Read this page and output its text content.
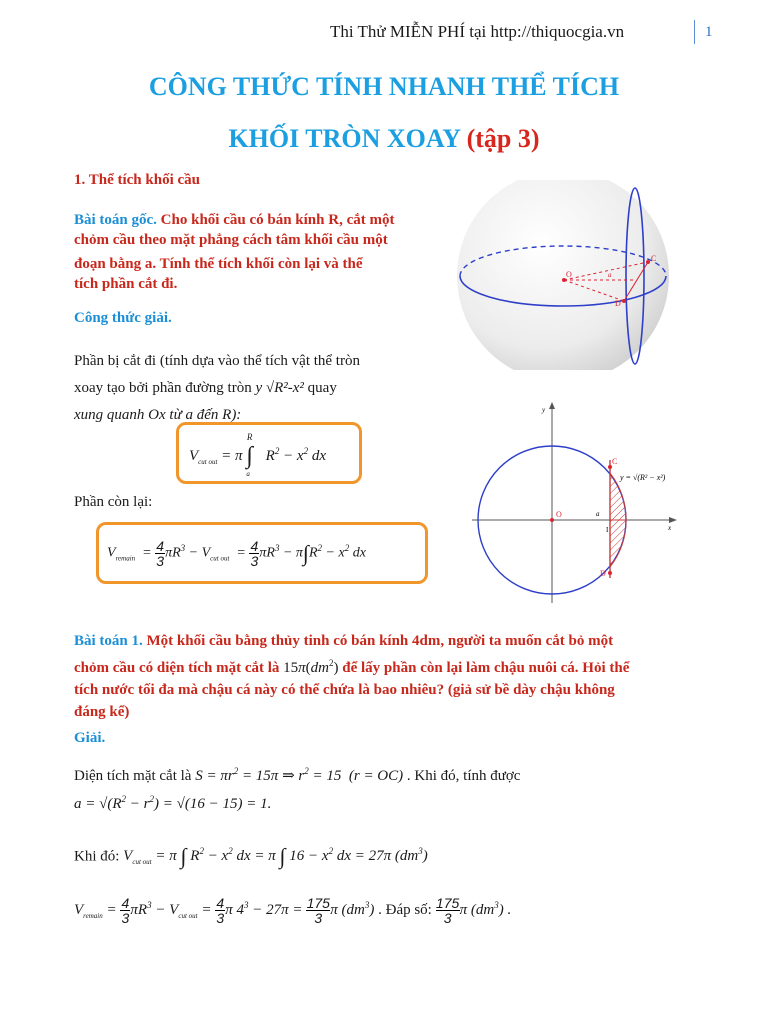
Thi Thử MIỄN PHÍ tại http://thiquocgia.vn	1
CÔNG THỨC TÍNH NHANH THỂ TÍCH
KHỐI TRÒN XOAY (tập 3)
1. Thể tích khối cầu
Bài toán gốc. Cho khối cầu có bán kính R, cắt một
chỏm cầu theo mặt phẳng cách tâm khối cầu một
đoạn bằng a. Tính thể tích khối còn lại và thể
tích phần cắt đi.
Công thức giải.
Phần bị cắt đi (tính dựa vào thể tích vật thể tròn
xoay tạo bởi phần đường tròn y √R²‑x² quay
xung quanh Ox từ a đến R):
$V_{cut out} = \pi$ ∫$^R_a$ $R^2 - x^2$ dx
Phần còn lại:
$V_{remain} = \frac{4}{3} \pi R^3 - V_{cut out} = \frac{4}{3} \pi R^3 - \pi\int R^2 - x^2$ dx
O
C
D
a
O
C
D
a
I	x
y
y = √(R² − x²)
Bài toán 1. Một khối cầu bằng thủy tinh có bán kính 4dm, người ta muốn cắt bỏ một
chỏm cầu có diện tích mặt cắt là $15\pi(dm^2)$ để lấy phần còn lại làm chậu nuôi cá. Hỏi thể
tích nước tối đa mà chậu cá này có thể chứa là bao nhiêu? (giả sử bề dày chậu không
đáng kể)
Giải.
Diện tích mặt cắt là $S = \pi r^2 = 15\pi$ ⇒ $r^2 = 15$  (r = OC) . Khi đó, tính được
$a = √(R^2 - r^2) = √(16 - 15) = 1$.
Khi đó: $V_{cut out} = \pi$ ∫ $R^2 - x^2$ dx = π ∫ $16 - x^2$ dx = 27π $(dm^3)$
$V_{remain} = \frac{4}{3} \pi R^3 - V_{cut out} = \frac{4}{3}$ π $4^3 - 27\pi = \frac{175}{3}$ π $(dm^3)$ . Đáp số: $\frac{175}{3}$ π $(dm^3)$ .
